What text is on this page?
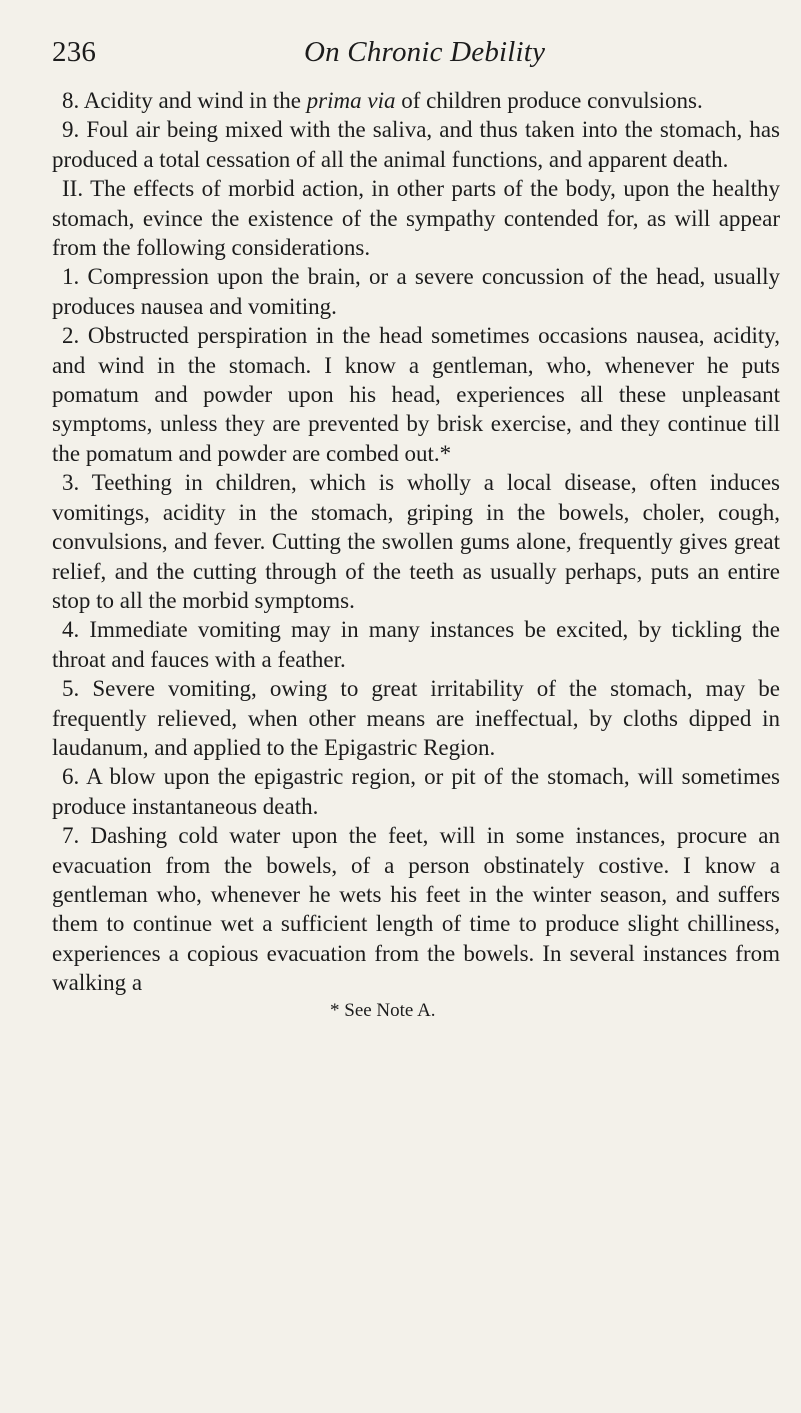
236	On Chronic Debility

8. Acidity and wind in the prima via of children produce convulsions.

9. Foul air being mixed with the saliva, and thus taken into the stomach, has produced a total cessation of all the animal functions, and apparent death.

II. The effects of morbid action, in other parts of the body, upon the healthy stomach, evince the existence of the sympathy contended for, as will appear from the following considerations.

1. Compression upon the brain, or a severe concussion of the head, usually produces nausea and vomiting.

2. Obstructed perspiration in the head sometimes occasions nausea, acidity, and wind in the stomach. I know a gentleman, who, whenever he puts pomatum and powder upon his head, experiences all these unpleasant symptoms, unless they are prevented by brisk exercise, and they continue till the pomatum and powder are combed out.*

3. Teething in children, which is wholly a local disease, often induces vomitings, acidity in the stomach, griping in the bowels, choler, cough, convulsions, and fever. Cutting the swollen gums alone, frequently gives great relief, and the cutting through of the teeth as usually perhaps, puts an entire stop to all the morbid symptoms.

4. Immediate vomiting may in many instances be excited, by tickling the throat and fauces with a feather.

5. Severe vomiting, owing to great irritability of the stomach, may be frequently relieved, when other means are ineffectual, by cloths dipped in laudanum, and applied to the Epigastric Region.

6. A blow upon the epigastric region, or pit of the stomach, will sometimes produce instantaneous death.

7. Dashing cold water upon the feet, will in some instances, procure an evacuation from the bowels, of a person obstinately costive. I know a gentleman who, whenever he wets his feet in the winter season, and suffers them to continue wet a sufficient length of time to produce slight chilliness, experiences a copious evacuation from the bowels. In several instances from walking a

* See Note A.
